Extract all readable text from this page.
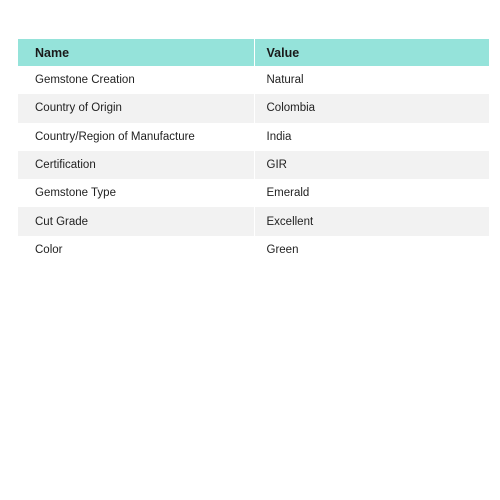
Name	Value
Gemstone Creation	Natural
Country of Origin	Colombia
Country/Region of Manufacture	India
Certification	GIR
Gemstone Type	Emerald
Cut Grade	Excellent
Color	Green
